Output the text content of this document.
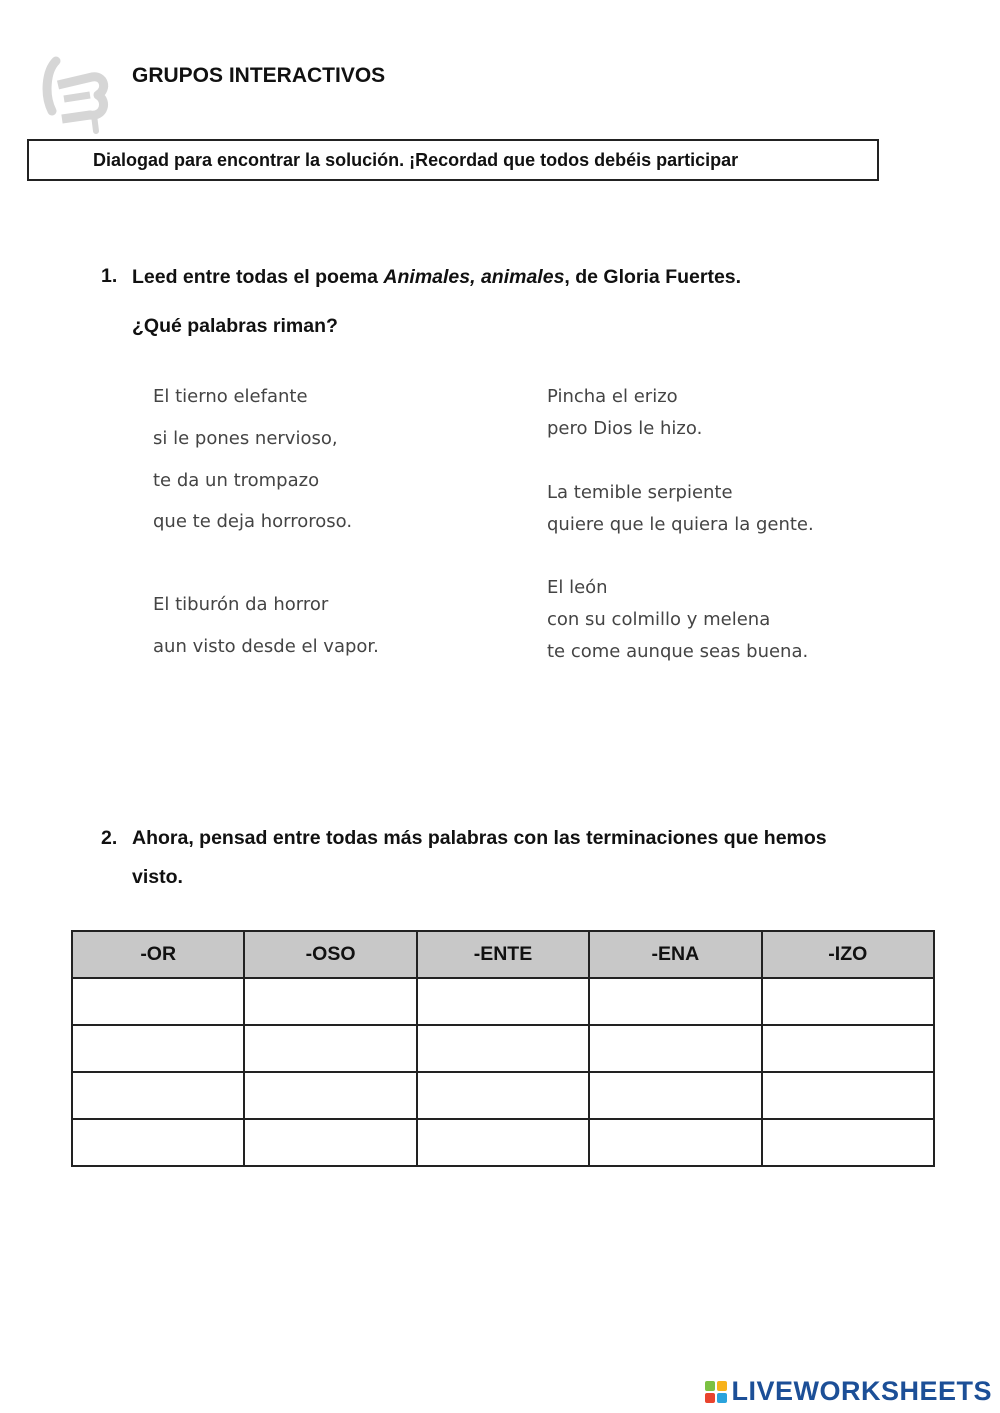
GRUPOS INTERACTIVOS
Dialogad para encontrar la solución. ¡Recordad que todos debéis participar
1. Leed entre todas el poema Animales, animales, de Gloria Fuertes.
¿Qué palabras riman?
El tierno elefante
si le pones nervioso,
te da un trompazo
que te deja horroroso.
El tiburón da horror
aun visto desde el vapor.
Pincha el erizo
pero Dios le hizo.
La temible serpiente
quiere que le quiera la gente.
El león
con su colmillo y melena
te come aunque seas buena.
2. Ahora, pensad entre todas más palabras con las terminaciones que hemos
visto.
-OR	-OSO	-ENTE	-ENA	-IZO

LIVEWORKSHEETS
